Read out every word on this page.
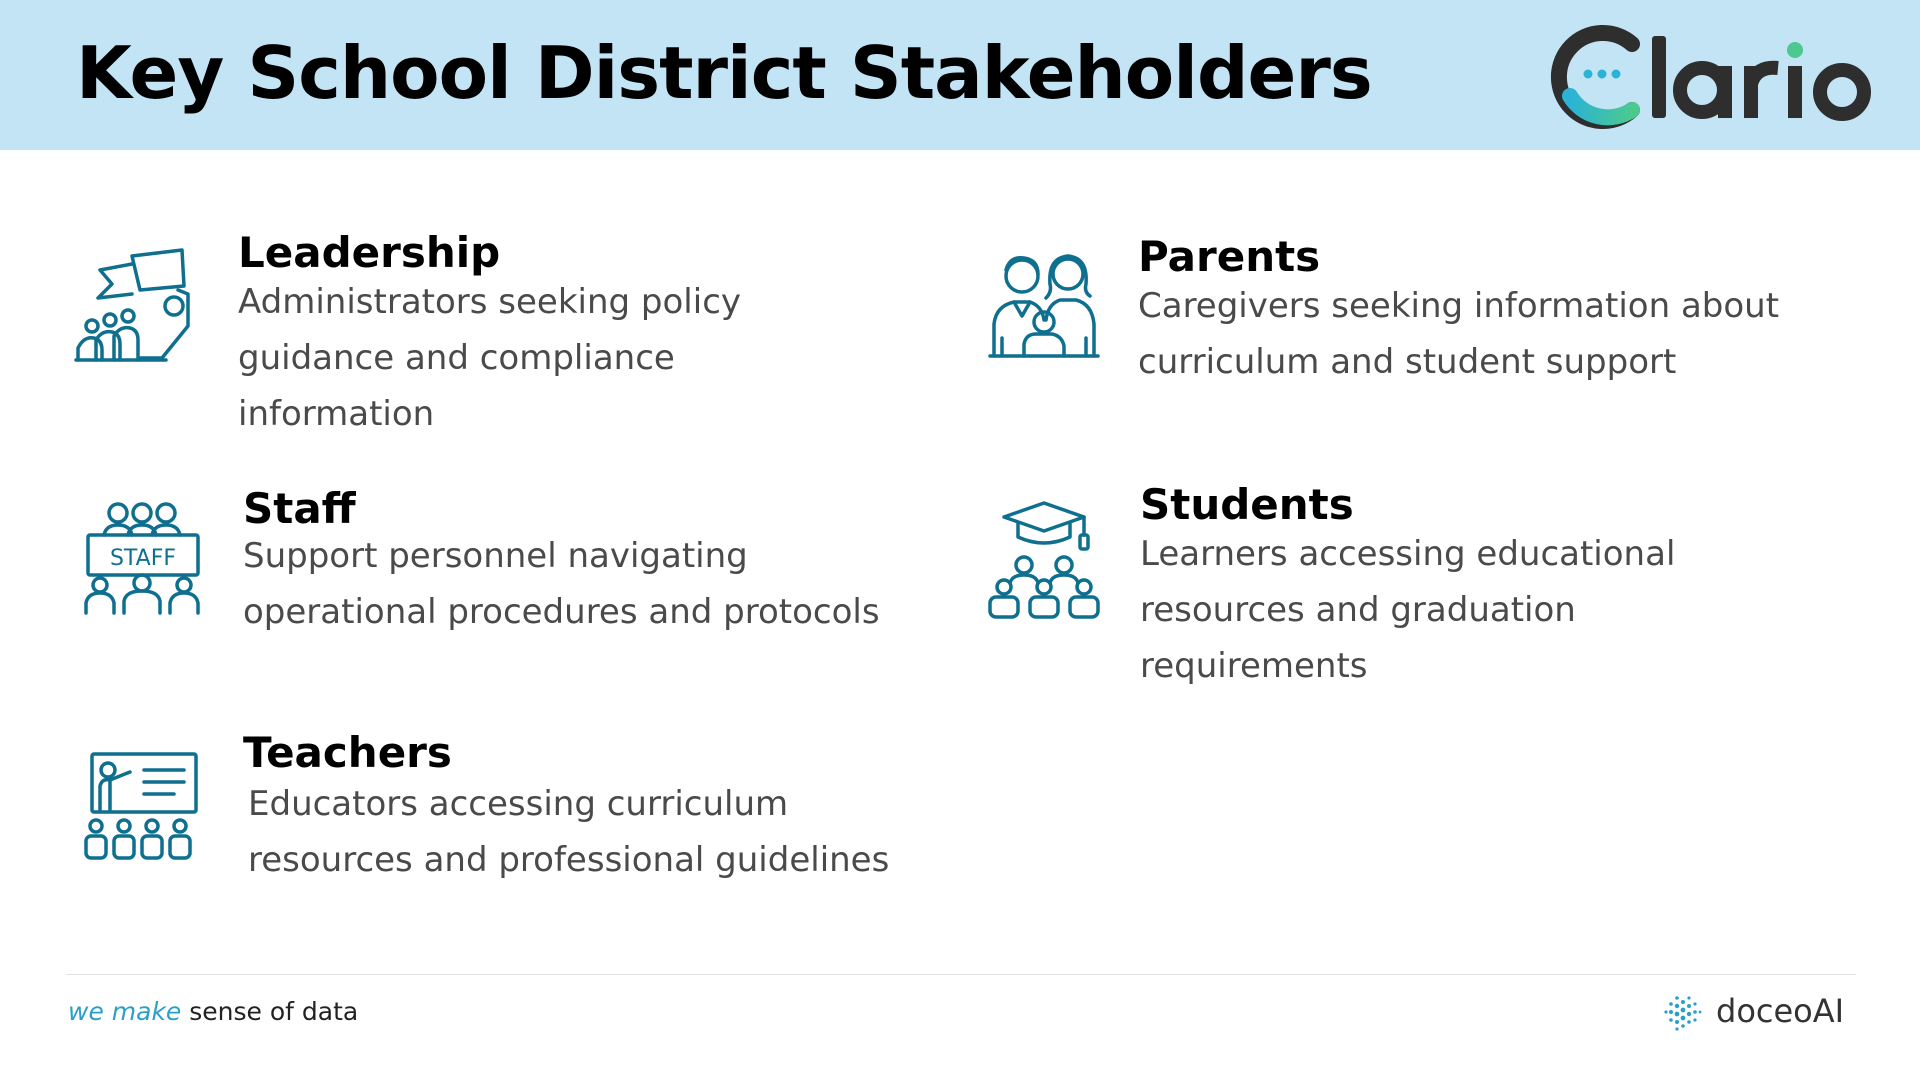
Key School District Stakeholders
Leadership
Administrators seeking policy guidance and compliance information
Parents
Caregivers seeking information about curriculum and student support
STAFF
Staff
Support personnel navigating operational procedures and protocols
Students
Learners accessing educational resources and graduation requirements
Teachers
Educators accessing curriculum resources and professional guidelines
we make sense of data	doceoAI
